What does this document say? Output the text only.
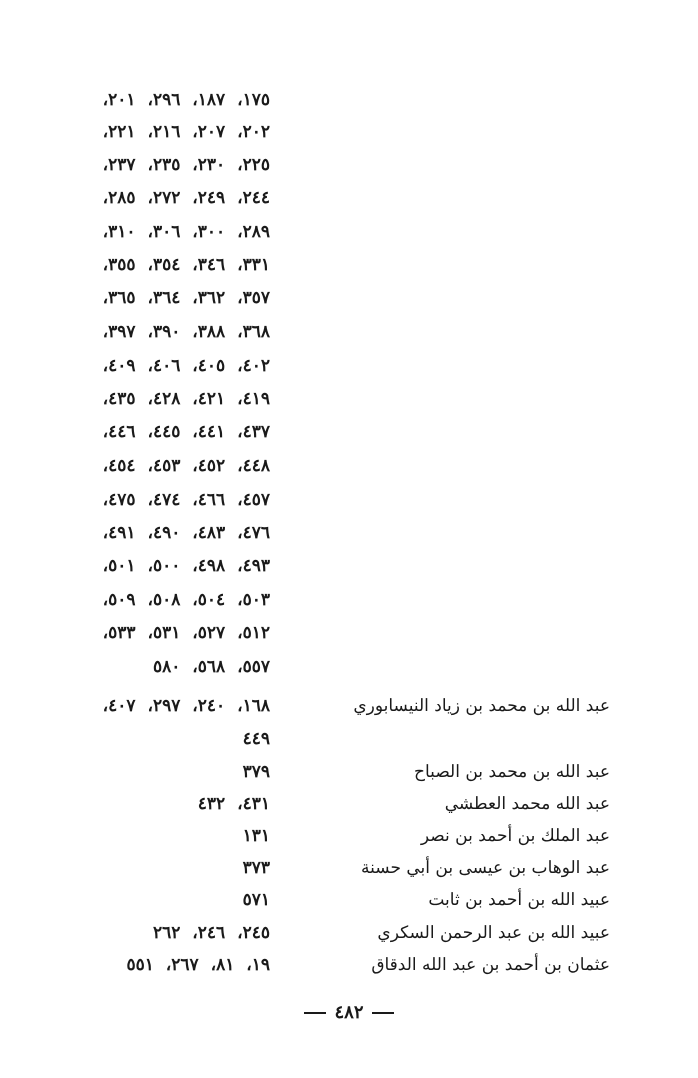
١٧٥، ١٨٧، ٢٩٦، ٢٠١،
٢٠٢، ٢٠٧، ٢١٦، ٢٢١،
٢٢٥، ٢٣٠، ٢٣٥، ٢٣٧،
٢٤٤، ٢٤٩، ٢٧٢، ٢٨٥،
٢٨٩، ٣٠٠، ٣٠٦، ٣١٠،
٣٣١، ٣٤٦، ٣٥٤، ٣٥٥،
٣٥٧، ٣٦٢، ٣٦٤، ٣٦٥،
٣٦٨، ٣٨٨، ٣٩٠، ٣٩٧،
٤٠٢، ٤٠٥، ٤٠٦، ٤٠٩،
٤١٩، ٤٢١، ٤٢٨، ٤٣٥،
٤٣٧، ٤٤١، ٤٤٥، ٤٤٦،
٤٤٨، ٤٥٢، ٤٥٣، ٤٥٤،
٤٥٧، ٤٦٦، ٤٧٤، ٤٧٥،
٤٧٦، ٤٨٣، ٤٩٠، ٤٩١،
٤٩٣، ٤٩٨، ٥٠٠، ٥٠١،
٥٠٣، ٥٠٤، ٥٠٨، ٥٠٩،
٥١٢، ٥٢٧، ٥٣١، ٥٣٣،
٥٥٧، ٥٦٨، ٥٨٠
عبد الله بن محمد بن زياد النيسابوري
١٦٨، ٢٤٠، ٢٩٧، ٤٠٧،
٤٤٩
عبد الله بن محمد بن الصباح
٣٧٩
عبد الله محمد العطشي
٤٣١، ٤٣٢
عبد الملك بن أحمد بن نصر
١٣١
عبد الوهاب بن عيسى بن أبي حسنة
٣٧٣
عبيد الله بن أحمد بن ثابت
٥٧١
عبيد الله بن عبد الرحمن السكري
٢٤٥، ٢٤٦، ٢٦٢
عثمان بن أحمد بن عبد الله الدقاق
١٩، ٨١، ٢٦٧، ٥٥١
٤٨٢
